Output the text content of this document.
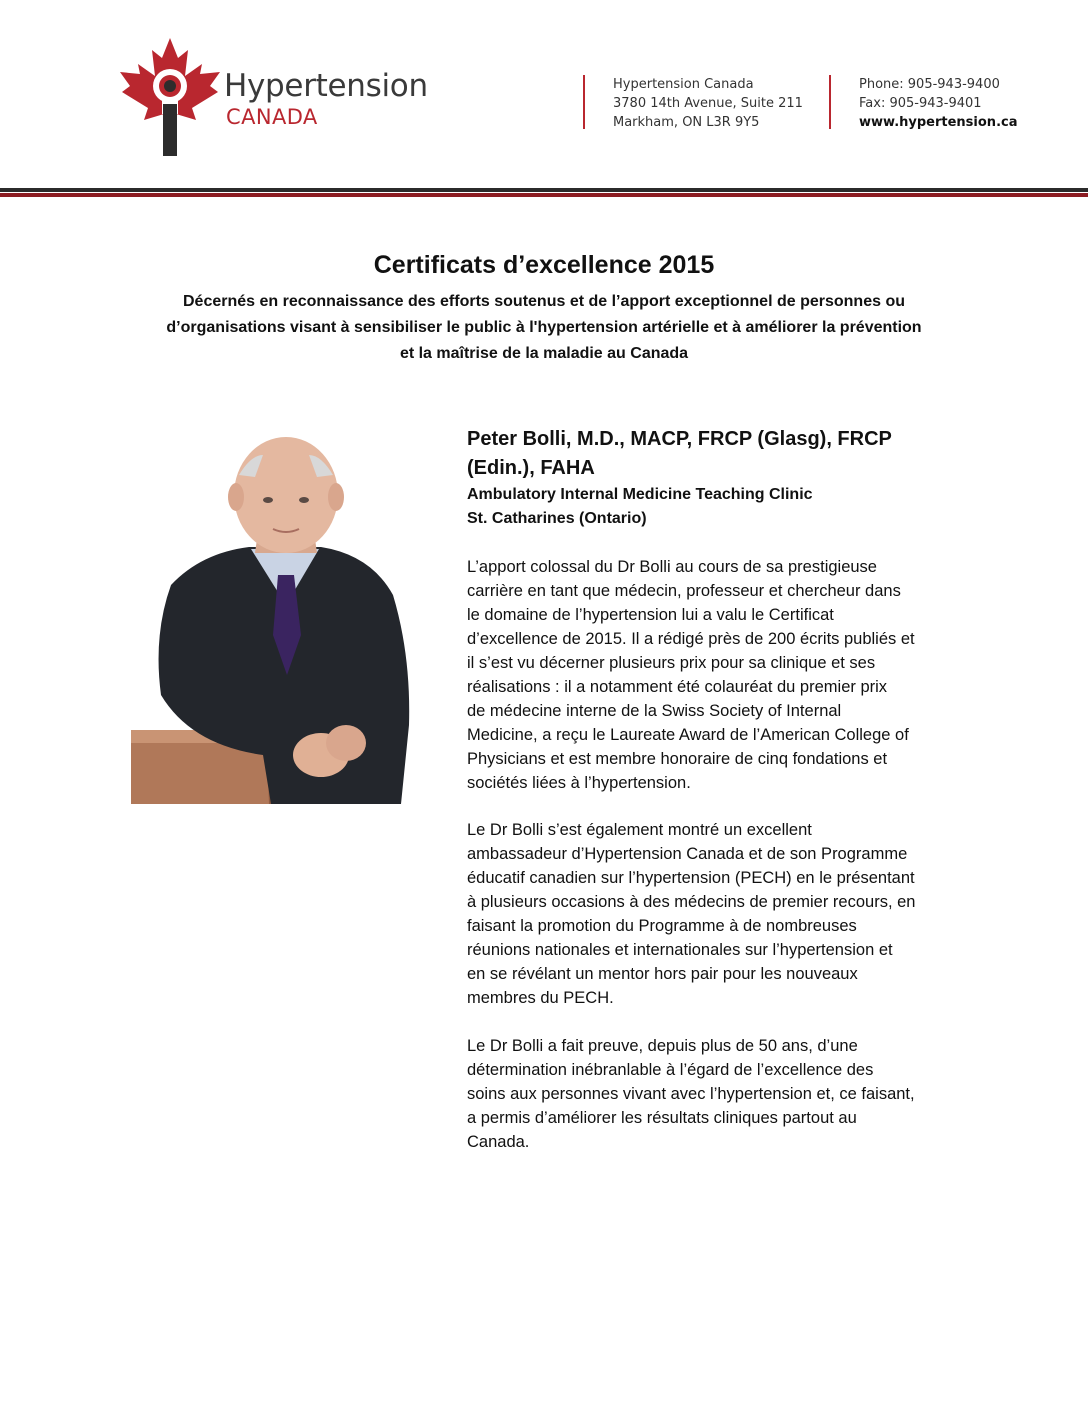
Hypertension
CANADA
Hypertension Canada
3780 14th Avenue, Suite 211
Markham, ON L3R 9Y5
Phone: 905-943-9400
Fax: 905-943-9401
www.hypertension.ca
Certificats d’excellence 2015
Décernés en reconnaissance des efforts soutenus et de l’apport exceptionnel de personnes ou
d’organisations visant à sensibiliser le public à l'hypertension artérielle et à améliorer la prévention
et la maîtrise de la maladie au Canada
Peter Bolli, M.D., MACP, FRCP (Glasg), FRCP
(Edin.), FAHA
Ambulatory Internal Medicine Teaching Clinic
St. Catharines (Ontario)
L’apport colossal du Dr Bolli au cours de sa prestigieuse
carrière en tant que médecin, professeur et chercheur dans
le domaine de l’hypertension lui a valu le Certificat
d’excellence de 2015. Il a rédigé près de 200 écrits publiés et
il s’est vu décerner plusieurs prix pour sa clinique et ses
réalisations : il a notamment été colauréat du premier prix
de médecine interne de la Swiss Society of Internal
Medicine, a reçu le Laureate Award de l’American College of
Physicians et est membre honoraire de cinq fondations et
sociétés liées à l’hypertension.
Le Dr Bolli s’est également montré un excellent
ambassadeur d’Hypertension Canada et de son Programme
éducatif canadien sur l’hypertension (PECH) en le présentant
à plusieurs occasions à des médecins de premier recours, en
faisant la promotion du Programme à de nombreuses
réunions nationales et internationales sur l’hypertension et
en se révélant un mentor hors pair pour les nouveaux
membres du PECH.
Le Dr Bolli a fait preuve, depuis plus de 50 ans, d’une
détermination inébranlable à l’égard de l’excellence des
soins aux personnes vivant avec l’hypertension et, ce faisant,
a permis d’améliorer les résultats cliniques partout au
Canada.
